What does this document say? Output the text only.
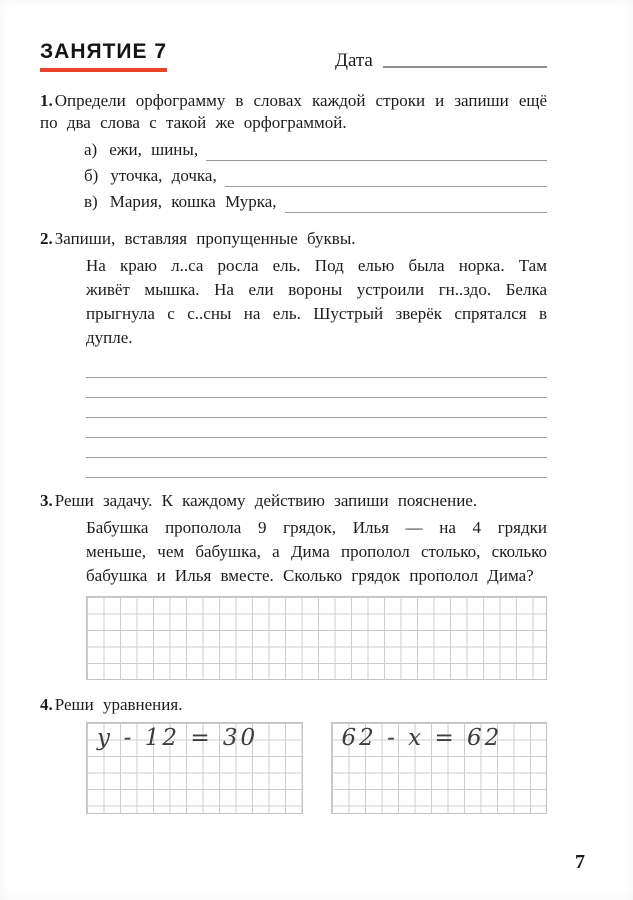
ЗАНЯТИЕ 7	Дата

1. Определи орфограмму в словах каждой строки и запиши ещё по два слова с такой же орфограммой.

а) ежи, шины,
б) уточка, дочка,
в) Мария, кошка Мурка,

2. Запиши, вставляя пропущенные буквы.

На краю л..са росла ель. Под елью была норка. Там живёт мышка. На ели вороны устроили гн..здо. Белка прыгнула с с..сны на ель. Шустрый зверёк спрятался в дупле.

3. Реши задачу. К каждому действию запиши пояснение.

Бабушка прополола 9 грядок, Илья — на 4 грядки меньше, чем бабушка, а Дима прополол столько, сколько бабушка и Илья вместе. Сколько грядок прополол Дима?

4. Реши уравнения.

у - 12 = 30	62 - х = 62
7
